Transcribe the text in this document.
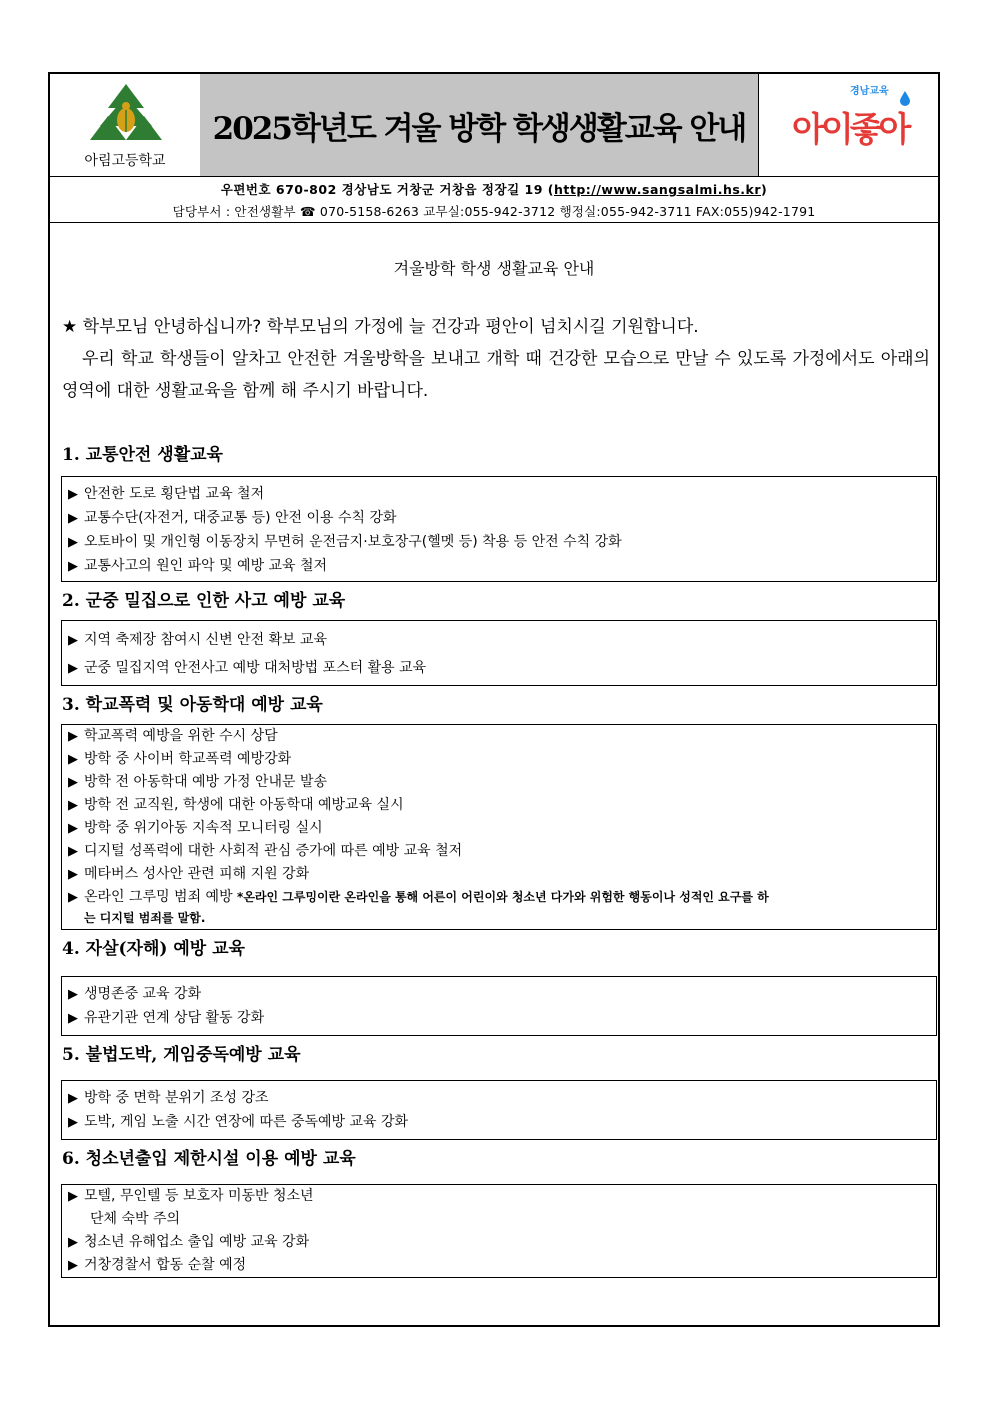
아림고등학교
2025학년도 겨울 방학 학생생활교육 안내
경남교육
아이좋아
우편번호 670-802 경상남도 거창군 거창읍 정장길 19 (http://www.sangsalmi.hs.kr)
담당부서 : 안전생활부 ☎ 070-5158-6263 교무실:055-942-3712 행정실:055-942-3711 FAX:055)942-1791
겨울방학 학생 생활교육 안내
★ 학부모님 안녕하십니까? 학부모님의 가정에 늘 건강과 평안이 넘치시길 기원합니다.
우리 학교 학생들이 알차고 안전한 겨울방학을 보내고 개학 때 건강한 모습으로 만날 수 있도록 가정에서도 아래의 영역에 대한 생활교육을 함께 해 주시기 바랍니다.
1. 교통안전 생활교육
▶ 안전한 도로 횡단법 교육 철저
▶ 교통수단(자전거, 대중교통 등) 안전 이용 수칙 강화
▶ 오토바이 및 개인형 이동장치 무면허 운전금지·보호장구(헬멧 등) 착용 등 안전 수칙 강화
▶ 교통사고의 원인 파악 및 예방 교육 철저
2. 군중 밀집으로 인한 사고 예방 교육
▶ 지역 축제장 참여시 신변 안전 확보 교육
▶ 군중 밀집지역 안전사고 예방 대처방법 포스터 활용 교육
3. 학교폭력 및 아동학대 예방 교육
▶ 학교폭력 예방을 위한 수시 상담
▶ 방학 중 사이버 학교폭력 예방강화
▶ 방학 전 아동학대 예방 가정 안내문 발송
▶ 방학 전 교직원, 학생에 대한 아동학대 예방교육 실시
▶ 방학 중 위기아동 지속적 모니터링 실시
▶ 디지털 성폭력에 대한 사회적 관심 증가에 따른 예방 교육 철저
▶ 메타버스 성사안 관련 피해 지원 강화
▶ 온라인 그루밍 범죄 예방 *온라인 그루밍이란 온라인을 통해 어른이 어린이와 청소년 다가와 위험한 행동이나 성적인 요구를 하
는 디지털 범죄를 말함.
4. 자살(자해) 예방 교육
▶ 생명존중 교육 강화
▶ 유관기관 연계 상담 활동 강화
5. 불법도박, 게임중독예방 교육
▶ 방학 중 면학 분위기 조성 강조
▶ 도박, 게임 노출 시간 연장에 따른 중독예방 교육 강화
6. 청소년출입 제한시설 이용 예방 교육
▶ 모텔, 무인텔 등 보호자 미동반 청소년
단체 숙박 주의
▶ 청소년 유해업소 출입 예방 교육 강화
▶ 거창경찰서 합동 순찰 예정
